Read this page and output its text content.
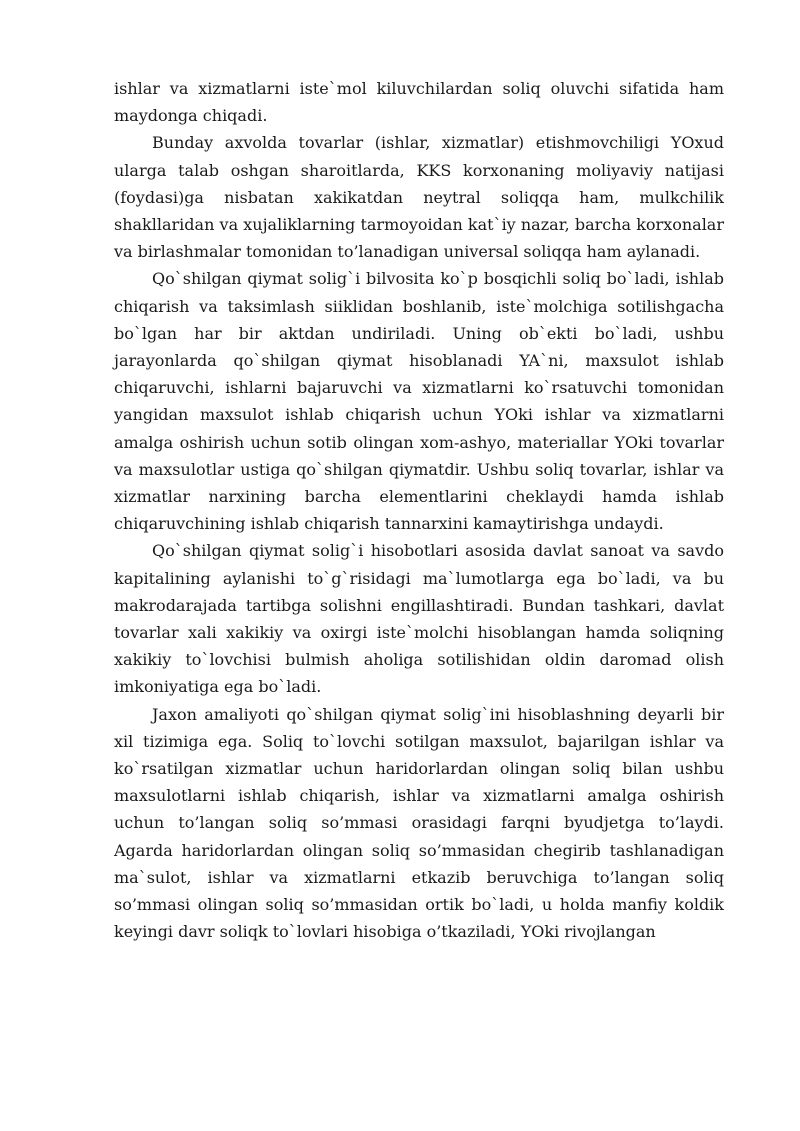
ishlar va xizmatlarni iste`mol kiluvchilardan soliq oluvchi sifatida ham maydonga chiqadi.

Bunday axvolda tovarlar (ishlar, xizmatlar) etishmovchiligi YOxud ularga talab oshgan sharoitlarda, KKS korxonaning moliyaviy natijasi (foydasi)ga nisbatan xakikatdan neytral soliqqa ham, mulkchilik shakllaridan va xujaliklarning tarmoyoidan kat`iy nazar, barcha korxonalar va birlashmalar tomonidan to’lanadigan universal soliqqa ham aylanadi.

Qo`shilgan qiymat solig`i bilvosita ko`p bosqichli soliq bo`ladi, ishlab chiqarish va taksimlash siiklidan boshlanib, iste`molchiga sotilishgacha bo`lgan har bir aktdan undiriladi. Uning ob`ekti bo`ladi, ushbu jarayonlarda qo`shilgan qiymat hisoblanadi YA`ni, maxsulot ishlab chiqaruvchi, ishlarni bajaruvchi va xizmatlarni ko`rsatuvchi tomonidan yangidan maxsulot ishlab chiqarish uchun YOki ishlar va xizmatlarni amalga oshirish uchun sotib olingan xom-ashyo, materiallar YOki tovarlar va maxsulotlar ustiga qo`shilgan qiymatdir. Ushbu soliq tovarlar, ishlar va xizmatlar narxining barcha elementlarini cheklaydi hamda ishlab chiqaruvchining ishlab chiqarish tannarxini kamaytirishga undaydi.

Qo`shilgan qiymat solig`i hisobotlari asosida davlat sanoat va savdo kapitalining aylanishi to`g`risidagi ma`lumotlarga ega bo`ladi, va bu makrodarajada tartibga solishni engillashtiradi. Bundan tashkari, davlat tovarlar xali xakikiy va oxirgi iste`molchi hisoblangan hamda soliqning xakikiy to`lovchisi bulmish aholiga sotilishidan oldin daromad olish imkoniyatiga ega bo`ladi.

Jaxon amaliyoti qo`shilgan qiymat solig`ini hisoblashning deyarli bir xil tizimiga ega. Soliq to`lovchi sotilgan maxsulot, bajarilgan ishlar va ko`rsatilgan xizmatlar uchun haridorlardan olingan soliq bilan ushbu maxsulotlarni ishlab chiqarish, ishlar va xizmatlarni amalga oshirish uchun to’langan soliq so’mmasi orasidagi farqni byudjetga to’laydi. Agarda haridorlardan olingan soliq so’mmasidan chegirib tashlanadigan ma`sulot, ishlar va xizmatlarni etkazib beruvchiga to’langan soliq so’mmasi olingan soliq so’mmasidan ortik bo`ladi, u holda manfiy koldik keyingi davr soliqk to`lovlari hisobiga o’tkaziladi, YOki rivojlangan
